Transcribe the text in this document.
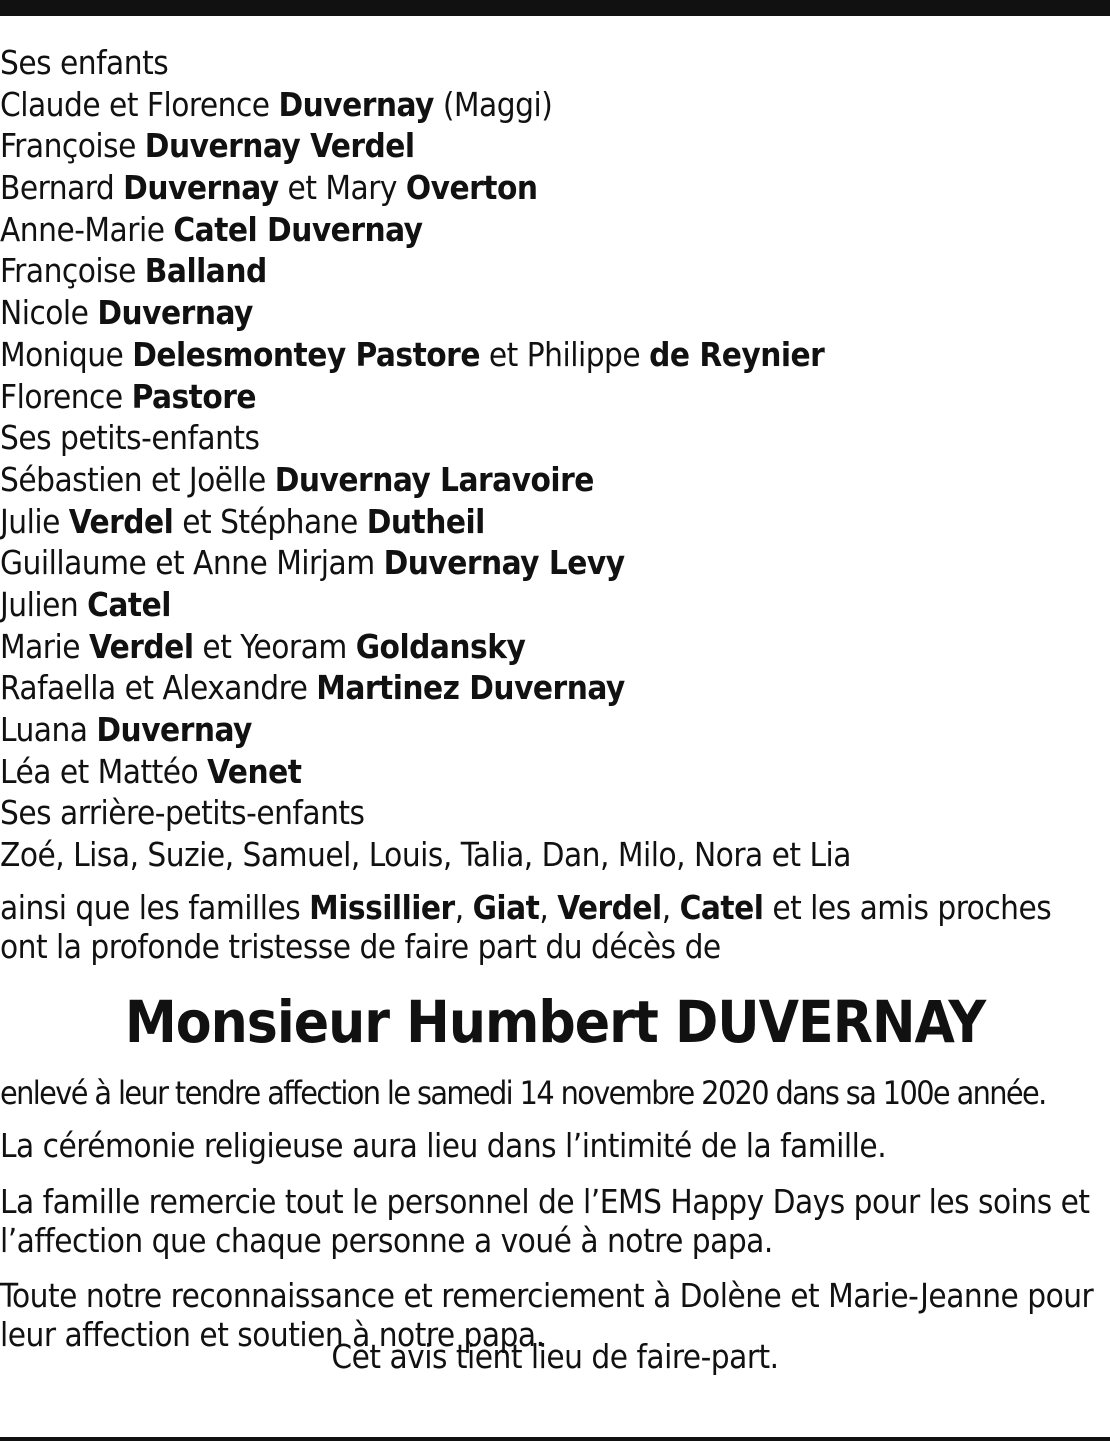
Ses enfants
Claude et Florence Duvernay (Maggi)
Françoise Duvernay Verdel
Bernard Duvernay et Mary Overton
Anne-Marie Catel Duvernay
Françoise Balland
Nicole Duvernay
Monique Delesmontey Pastore et Philippe de Reynier
Florence Pastore
Ses petits-enfants
Sébastien et Joëlle Duvernay Laravoire
Julie Verdel et Stéphane Dutheil
Guillaume et Anne Mirjam Duvernay Levy
Julien Catel
Marie Verdel et Yeoram Goldansky
Rafaella et Alexandre Martinez Duvernay
Luana Duvernay
Léa et Mattéo Venet
Ses arrière-petits-enfants
Zoé, Lisa, Suzie, Samuel, Louis, Talia, Dan, Milo, Nora et Lia
ainsi que les familles Missillier, Giat, Verdel, Catel et les amis proches
ont la profonde tristesse de faire part du décès de
Monsieur Humbert DUVERNAY
enlevé à leur tendre affection le samedi 14 novembre 2020 dans sa 100e année.
La cérémonie religieuse aura lieu dans l’intimité de la famille.
La famille remercie tout le personnel de l’EMS Happy Days pour les soins et
l’affection que chaque personne a voué à notre papa.
Toute notre reconnaissance et remerciement à Dolène et Marie-Jeanne pour
leur affection et soutien à notre papa.
Cet avis tient lieu de faire-part.
